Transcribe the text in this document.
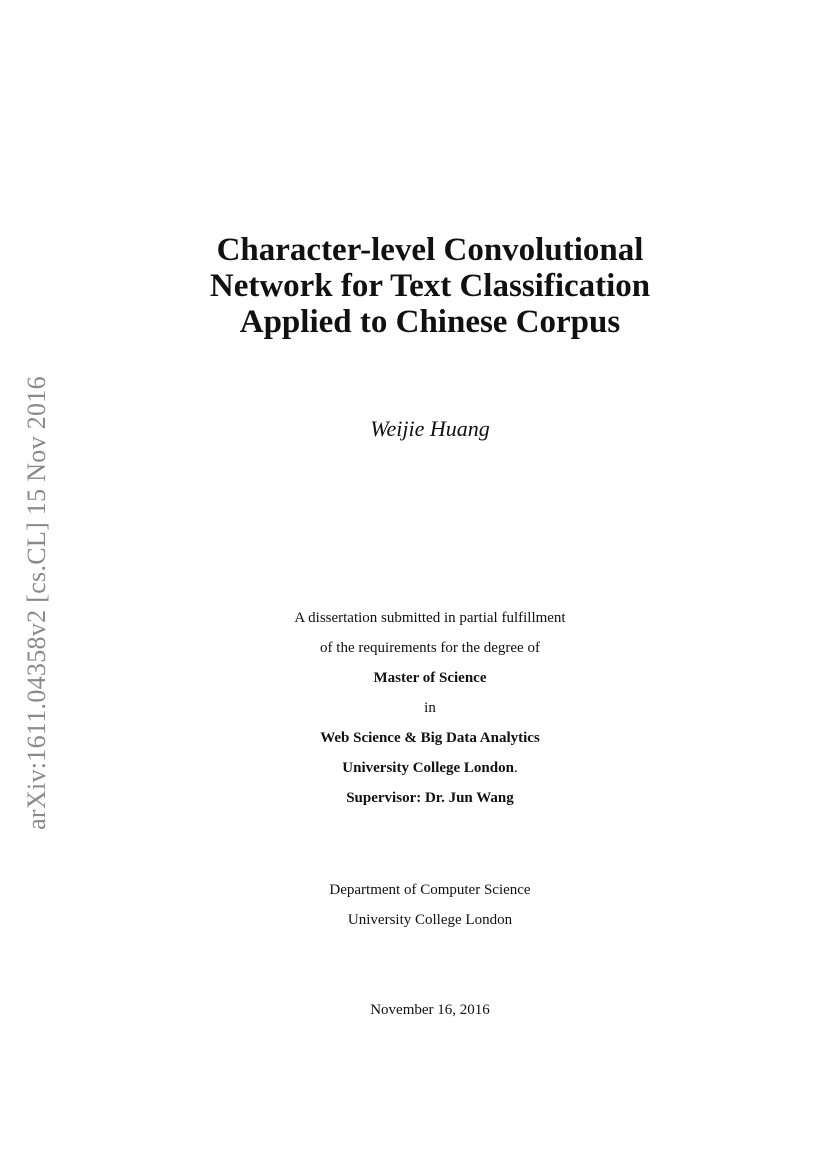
arXiv:1611.04358v2 [cs.CL] 15 Nov 2016
Character-level Convolutional
Network for Text Classification
Applied to Chinese Corpus
Weijie Huang
A dissertation submitted in partial fulfillment
of the requirements for the degree of
Master of Science
in
Web Science & Big Data Analytics
University College London.
Supervisor: Dr. Jun Wang
Department of Computer Science
University College London
November 16, 2016
